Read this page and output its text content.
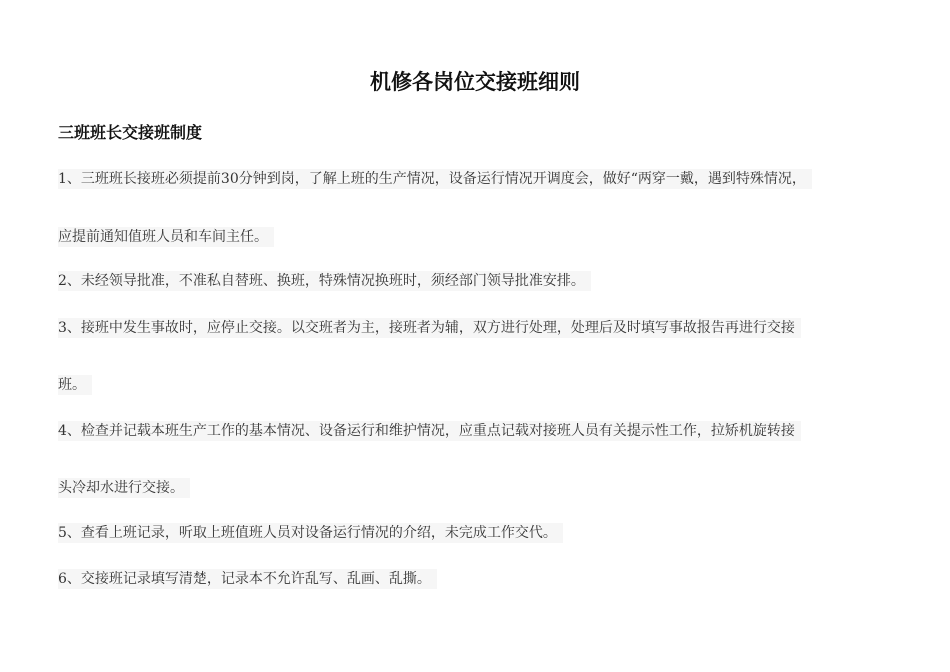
机修各岗位交接班细则
三班班长交接班制度
1、三班班长接班必须提前30分钟到岗，了解上班的生产情况，设备运行情况开调度会，做好“两穿一戴，遇到特殊情况，
应提前通知值班人员和车间主任。
2、未经领导批准，不准私自替班、换班，特殊情况换班时，须经部门领导批准安排。
3、接班中发生事故时，应停止交接。以交班者为主，接班者为辅，双方进行处理，处理后及时填写事故报告再进行交接
班。
4、检查并记载本班生产工作的基本情况、设备运行和维护情况，应重点记载对接班人员有关提示性工作，拉矫机旋转接
头冷却水进行交接。
5、查看上班记录，听取上班值班人员对设备运行情况的介绍，未完成工作交代。
6、交接班记录填写清楚，记录本不允许乱写、乱画、乱撕。
